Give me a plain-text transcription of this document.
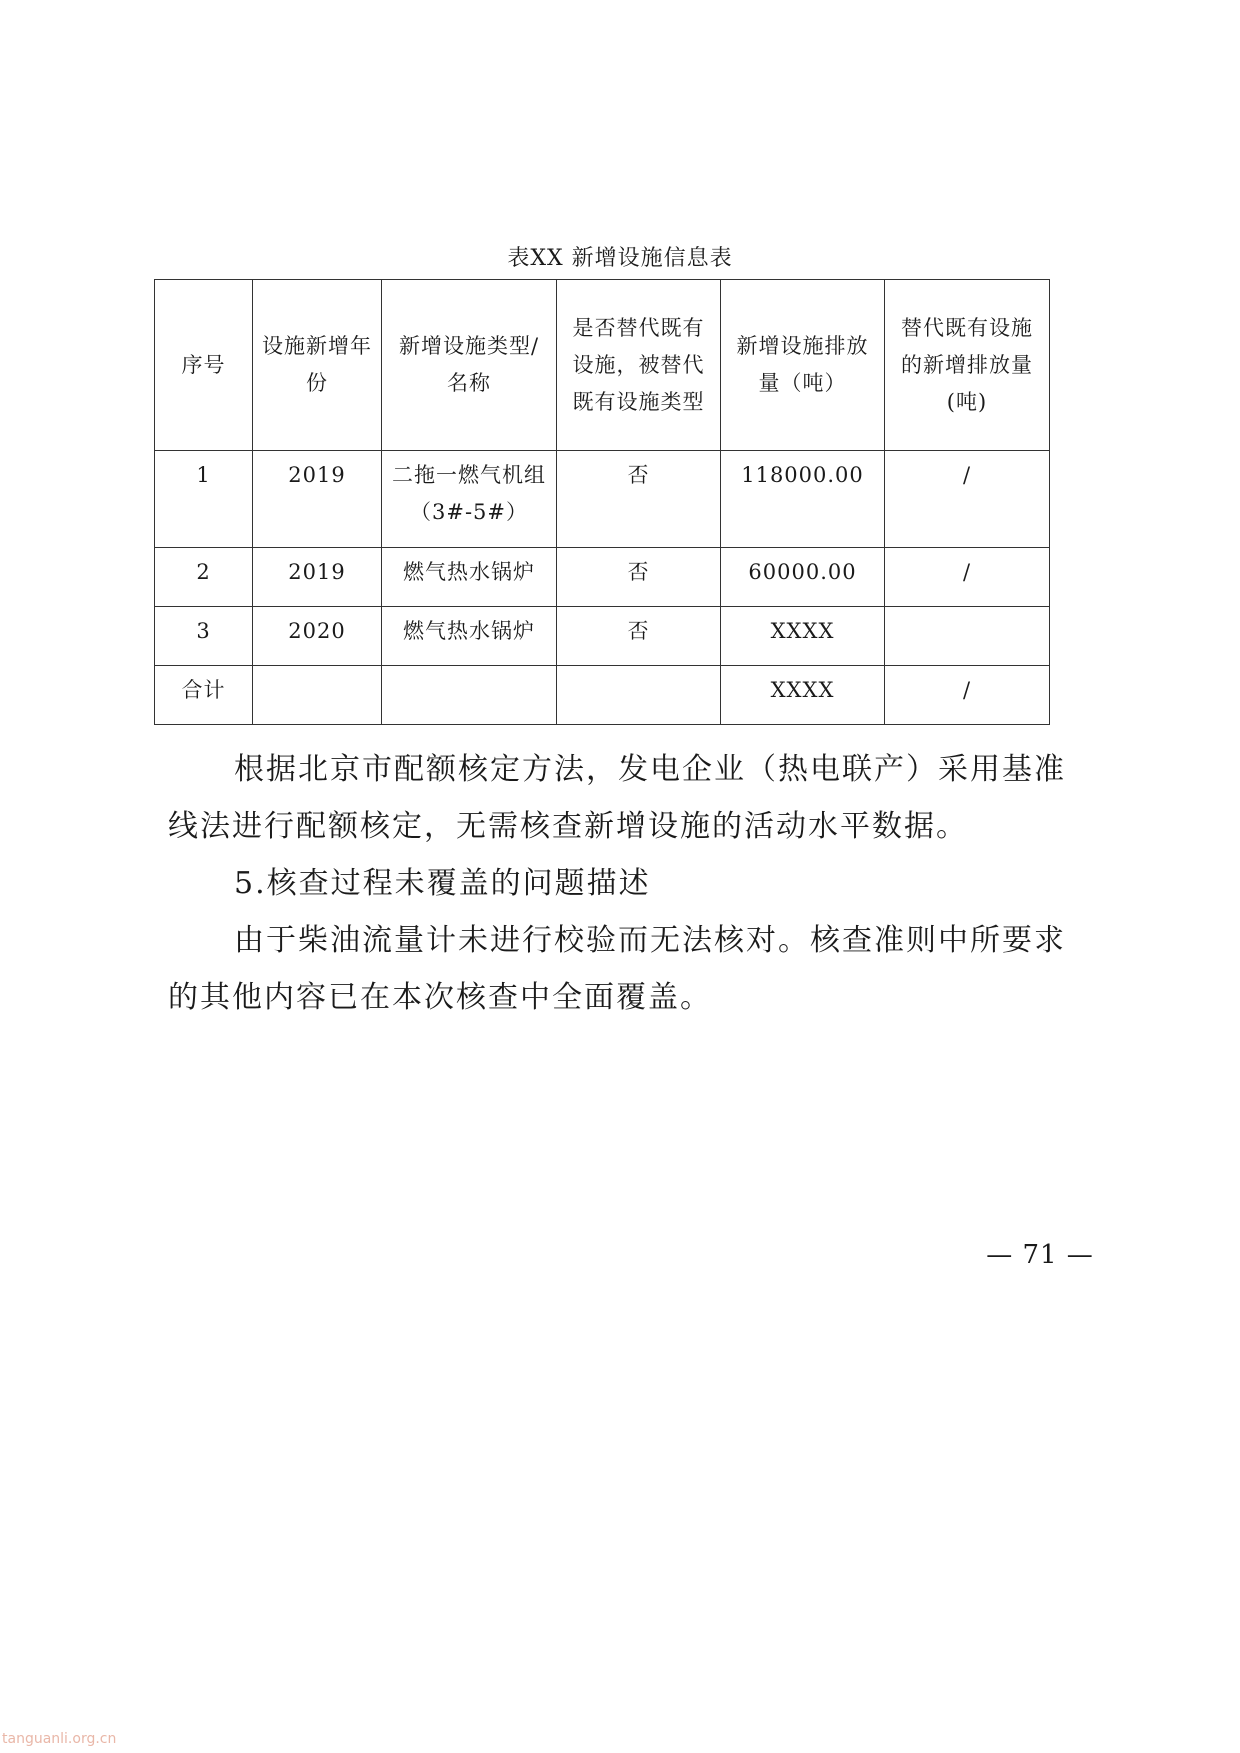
表XX 新增设施信息表
序号	设施新增年份	新增设施类型/名称	是否替代既有设施，被替代既有设施类型	新增设施排放量（吨）	替代既有设施的新增排放量(吨)
1	2019	二拖一燃气机组（3#-5#）	否	118000.00	/
2	2019	燃气热水锅炉	否	60000.00	/
3	2020	燃气热水锅炉	否	XXXX	
合计				XXXX	/
根据北京市配额核定方法，发电企业（热电联产）采用基准线法进行配额核定，无需核查新增设施的活动水平数据。
5.核查过程未覆盖的问题描述
由于柴油流量计未进行校验而无法核对。核查准则中所要求的其他内容已在本次核查中全面覆盖。
— 71 —
tanguanli.org.cn
